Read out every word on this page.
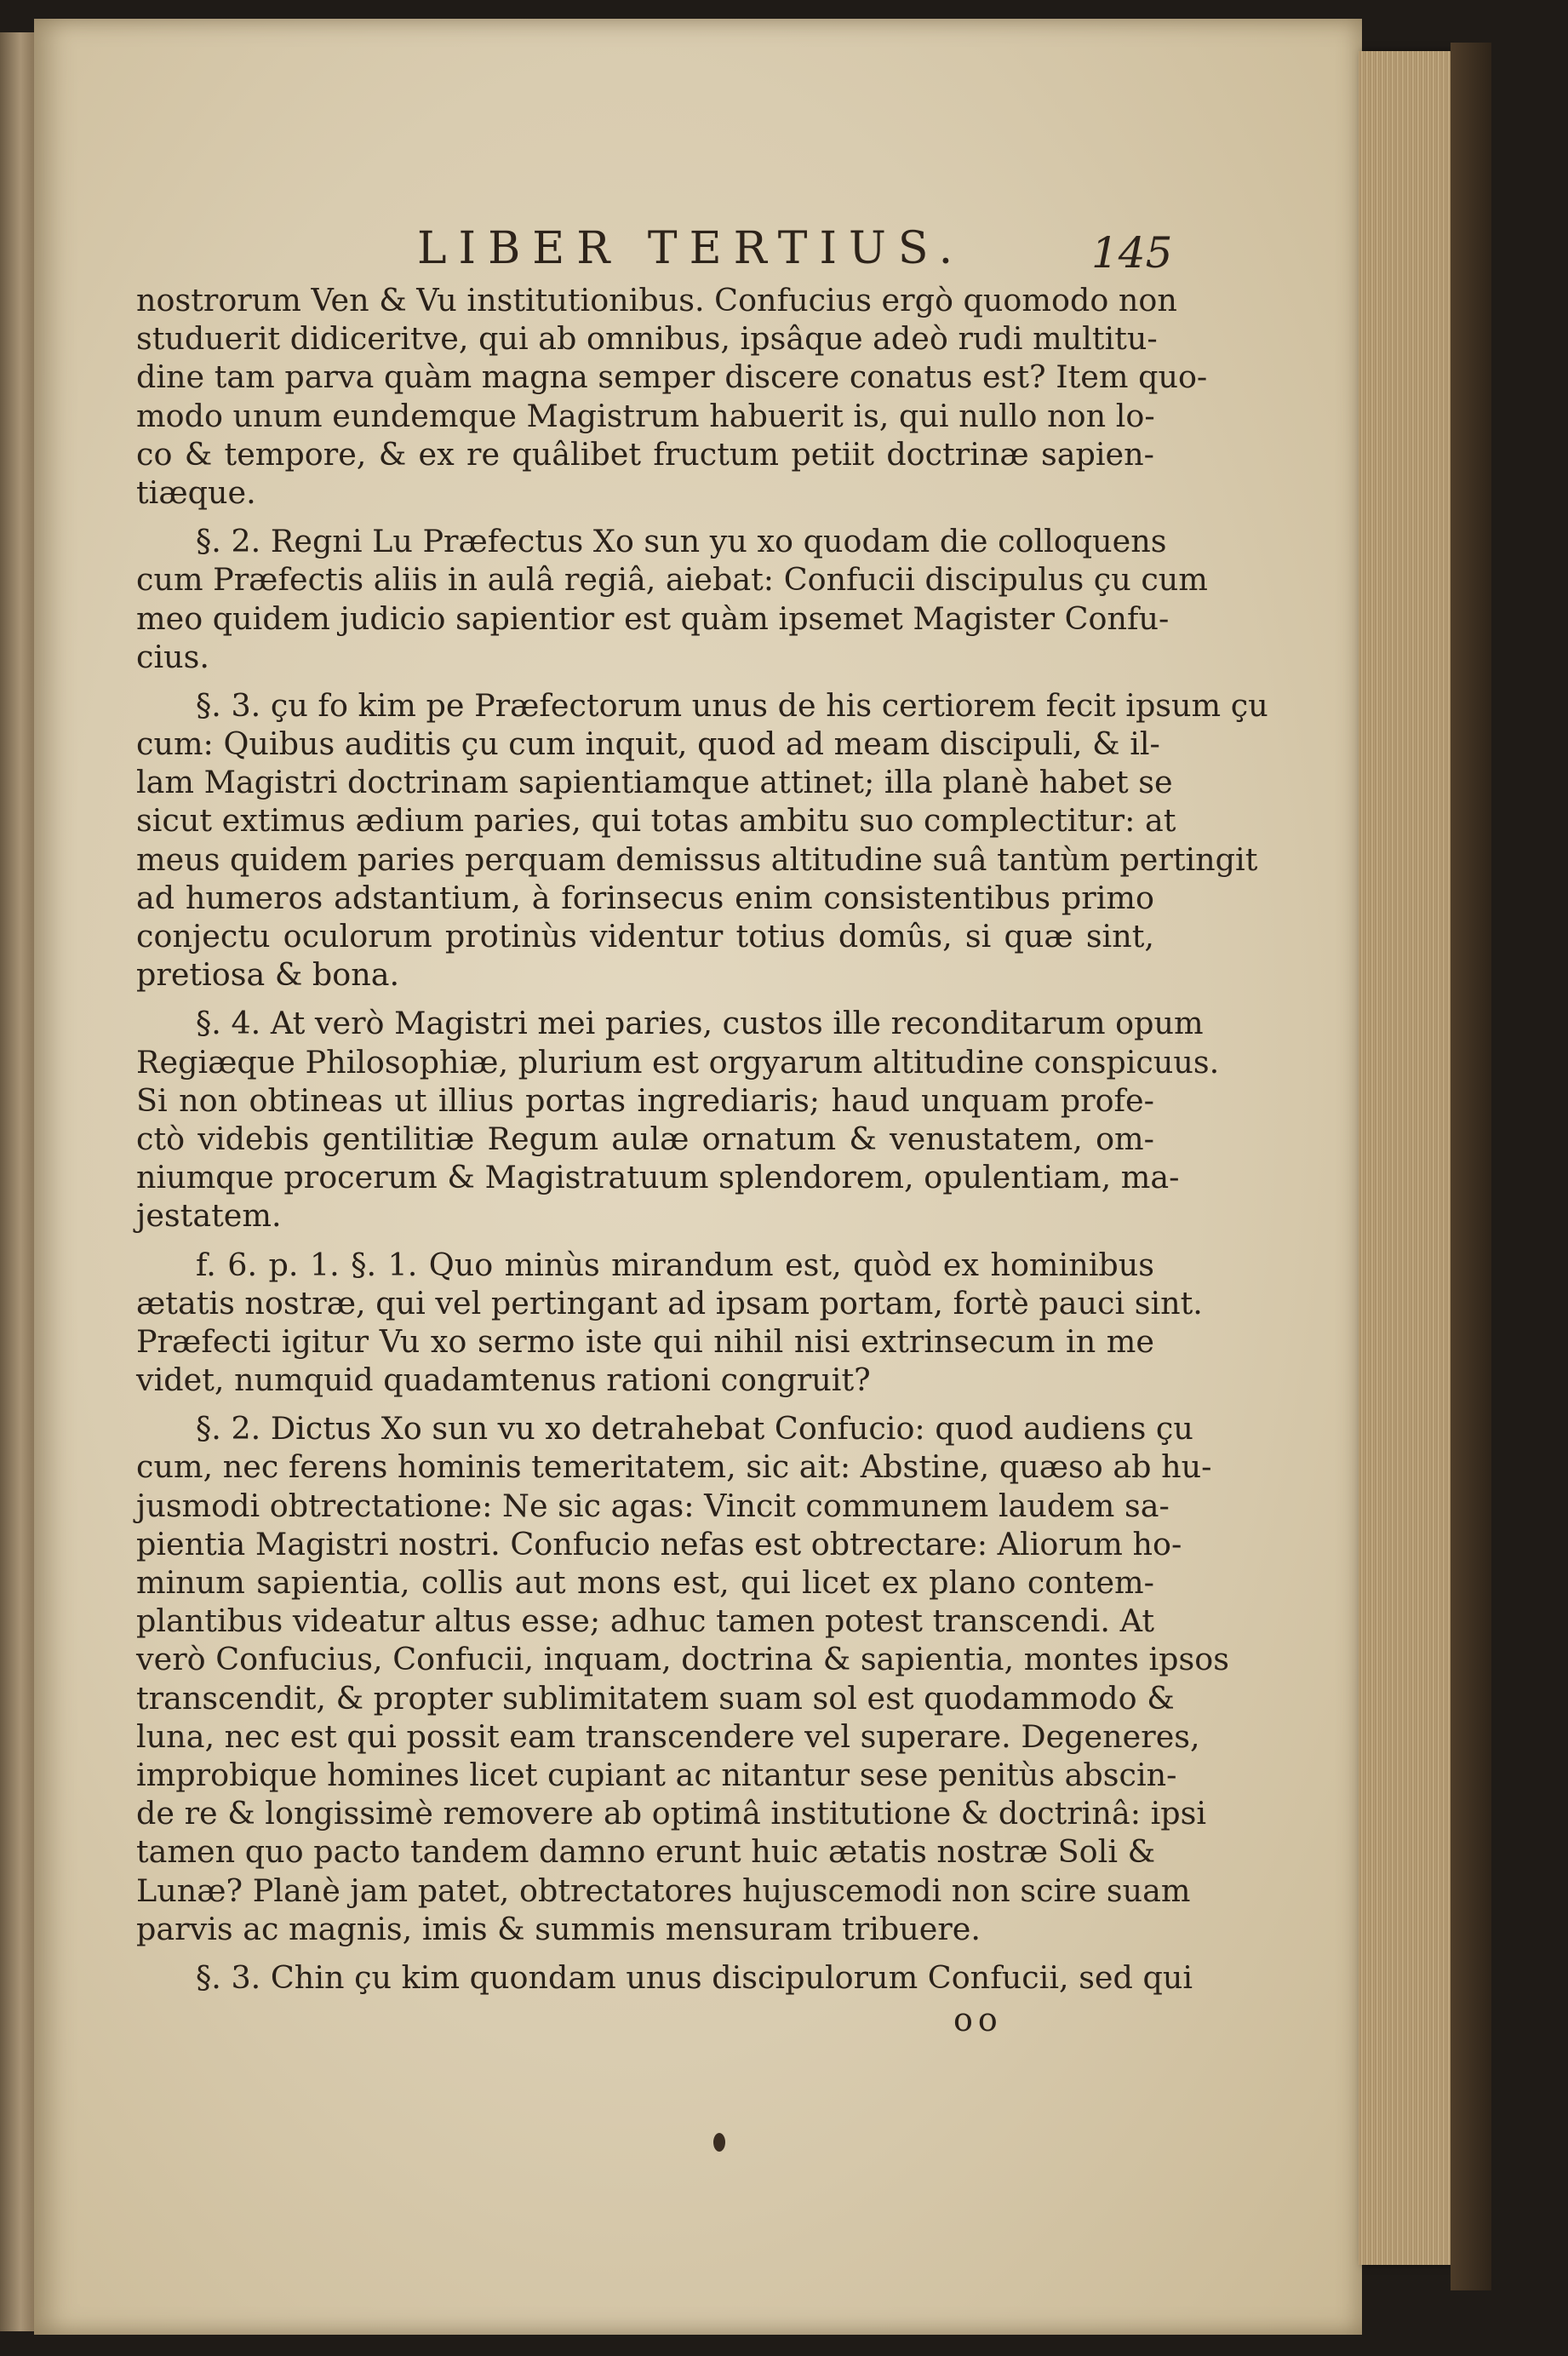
LIBER TERTIUS.	145
nostrorum Ven & Vu institutionibus. Confucius ergò quomodo non
studuerit didiceritve, qui ab omnibus, ipsâque adeò rudi multitu-
dine tam parva quàm magna semper discere conatus est? Item quo-
modo unum eundemque Magistrum habuerit is, qui nullo non lo-
co & tempore, & ex re quâlibet fructum petiit doctrinæ sapien-
tiæque.
§. 2. Regni Lu Præfectus Xo sun yu xo quodam die colloquens
cum Præfectis aliis in aulâ regiâ, aiebat: Confucii discipulus çu cum
meo quidem judicio sapientior est quàm ipsemet Magister Confu-
cius.
§. 3. çu fo kim pe Præfectorum unus de his certiorem fecit ipsum çu
cum: Quibus auditis çu cum inquit, quod ad meam discipuli, & il-
lam Magistri doctrinam sapientiamque attinet; illa planè habet se
sicut extimus ædium paries, qui totas ambitu suo complectitur: at
meus quidem paries perquam demissus altitudine suâ tantùm pertingit
ad humeros adstantium, à forinsecus enim consistentibus primo
conjectu oculorum protinùs videntur totius domûs, si quæ sint,
pretiosa & bona.
§. 4. At verò Magistri mei paries, custos ille reconditarum opum
Regiæque Philosophiæ, plurium est orgyarum altitudine conspicuus.
Si non obtineas ut illius portas ingrediaris; haud unquam profe-
ctò videbis gentilitiæ Regum aulæ ornatum & venustatem, om-
niumque procerum & Magistratuum splendorem, opulentiam, ma-
jestatem.
f. 6. p. 1. §. 1. Quo minùs mirandum est, quòd ex hominibus
ætatis nostræ, qui vel pertingant ad ipsam portam, fortè pauci sint.
Præfecti igitur Vu xo sermo iste qui nihil nisi extrinsecum in me
videt, numquid quadamtenus rationi congruit?
§. 2. Dictus Xo sun vu xo detrahebat Confucio: quod audiens çu
cum, nec ferens hominis temeritatem, sic ait: Abstine, quæso ab hu-
jusmodi obtrectatione: Ne sic agas: Vincit communem laudem sa-
pientia Magistri nostri. Confucio nefas est obtrectare: Aliorum ho-
minum sapientia, collis aut mons est, qui licet ex plano contem-
plantibus videatur altus esse; adhuc tamen potest transcendi. At
verò Confucius, Confucii, inquam, doctrina & sapientia, montes ipsos
transcendit, & propter sublimitatem suam sol est quodammodo &
luna, nec est qui possit eam transcendere vel superare. Degeneres,
improbique homines licet cupiant ac nitantur sese penitùs abscin-
de re & longissimè removere ab optimâ institutione & doctrinâ: ipsi
tamen quo pacto tandem damno erunt huic ætatis nostræ Soli &
Lunæ? Planè jam patet, obtrectatores hujuscemodi non scire suam
parvis ac magnis, imis & summis mensuram tribuere.
§. 3. Chin çu kim quondam unus discipulorum Confucii, sed qui
oo
